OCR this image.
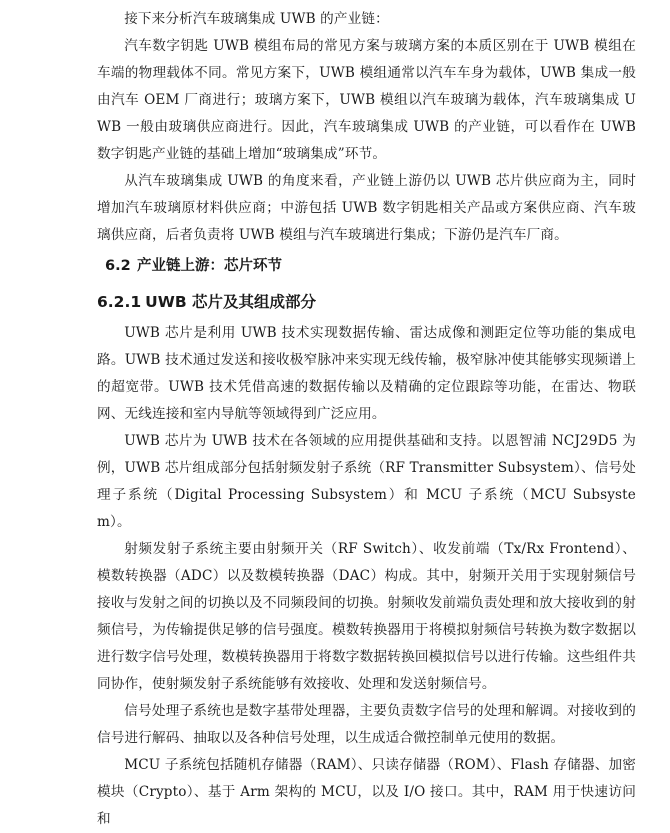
接下来分析汽车玻璃集成 UWB 的产业链：

汽车数字钥匙 UWB 模组布局的常见方案与玻璃方案的本质区别在于 UWB 模组在车端的物理载体不同。常见方案下，UWB 模组通常以汽车车身为载体，UWB 集成一般由汽车 OEM 厂商进行；玻璃方案下，UWB 模组以汽车玻璃为载体，汽车玻璃集成 UWB 一般由玻璃供应商进行。因此，汽车玻璃集成 UWB 的产业链，可以看作在 UWB 数字钥匙产业链的基础上增加“玻璃集成”环节。

从汽车玻璃集成 UWB 的角度来看，产业链上游仍以 UWB 芯片供应商为主，同时增加汽车玻璃原材料供应商；中游包括 UWB 数字钥匙相关产品或方案供应商、汽车玻璃供应商，后者负责将 UWB 模组与汽车玻璃进行集成；下游仍是汽车厂商。

6.2 产业链上游：芯片环节
6.2.1 UWB 芯片及其组成部分

UWB 芯片是利用 UWB 技术实现数据传输、雷达成像和测距定位等功能的集成电路。UWB 技术通过发送和接收极窄脉冲来实现无线传输，极窄脉冲使其能够实现频谱上的超宽带。UWB 技术凭借高速的数据传输以及精确的定位跟踪等功能，在雷达、物联网、无线连接和室内导航等领域得到广泛应用。

UWB 芯片为 UWB 技术在各领域的应用提供基础和支持。以恩智浦 NCJ29D5 为例，UWB 芯片组成部分包括射频发射子系统（RF Transmitter Subsystem）、信号处理子系统（Digital Processing Subsystem）和 MCU 子系统（MCU Subsystem）。

射频发射子系统主要由射频开关（RF Switch）、收发前端（Tx/Rx Frontend）、模数转换器（ADC）以及数模转换器（DAC）构成。其中，射频开关用于实现射频信号接收与发射之间的切换以及不同频段间的切换。射频收发前端负责处理和放大接收到的射频信号，为传输提供足够的信号强度。模数转换器用于将模拟射频信号转换为数字数据以进行数字信号处理，数模转换器用于将数字数据转换回模拟信号以进行传输。这些组件共同协作，使射频发射子系统能够有效接收、处理和发送射频信号。

信号处理子系统也是数字基带处理器，主要负责数字信号的处理和解调。对接收到的信号进行解码、抽取以及各种信号处理，以生成适合微控制单元使用的数据。

MCU 子系统包括随机存储器（RAM）、只读存储器（ROM）、Flash 存储器、加密模块（Crypto）、基于 Arm 架构的 MCU，以及 I/O 接口。其中，RAM 用于快速访问和
